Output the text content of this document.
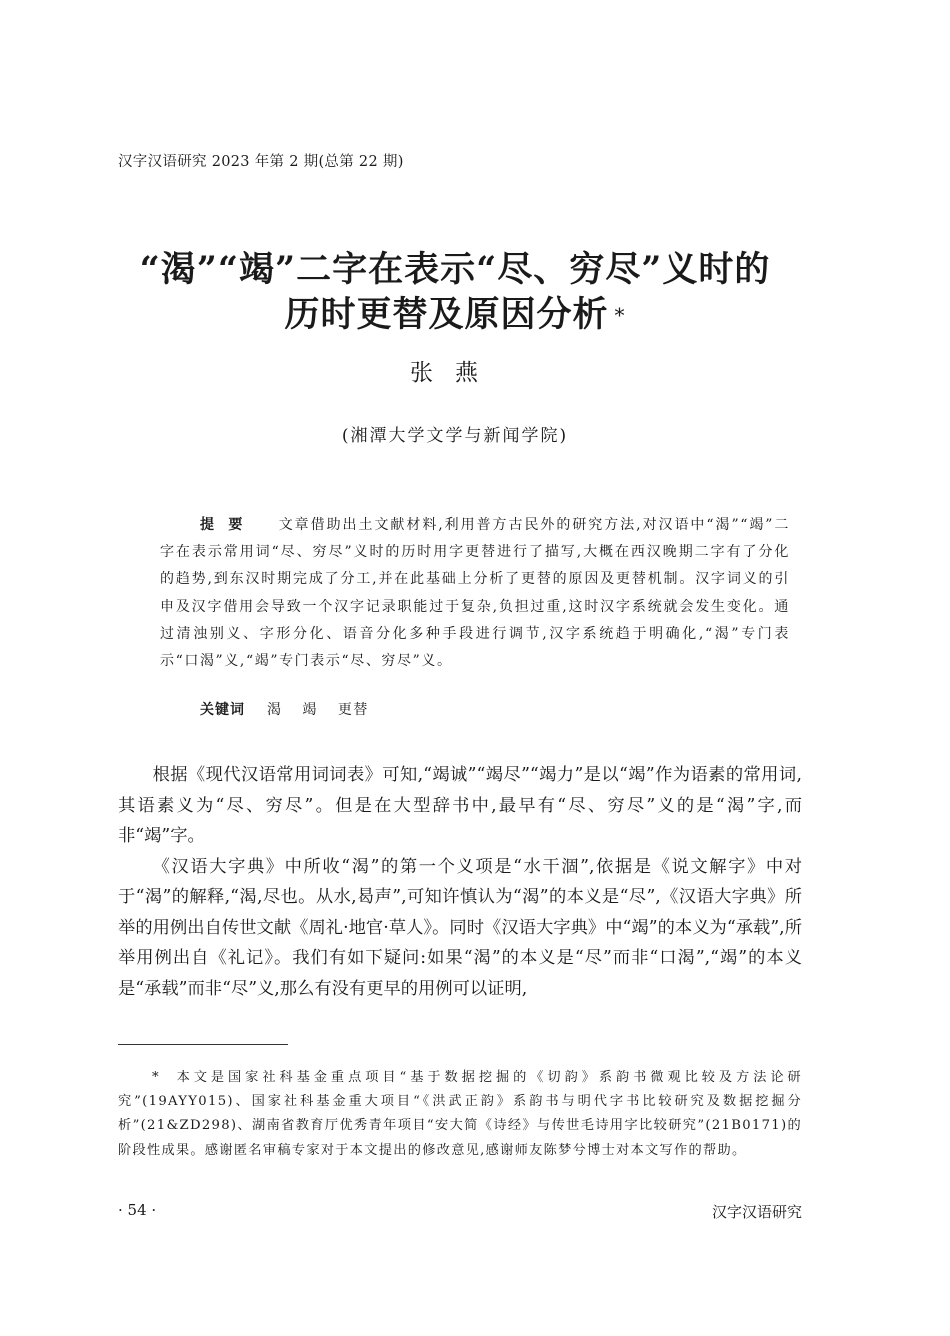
汉字汉语研究 2023 年第 2 期(总第 22 期)
“渴”“竭”二字在表示“尽、穷尽”义时的
历时更替及原因分析 *
张燕
(湘潭大学文学与新闻学院)
提要 文章借助出土文献材料,利用普方古民外的研究方法,对汉语中“渴”“竭”二字在表示常用词“尽、穷尽”义时的历时用字更替进行了描写,大概在西汉晚期二字有了分化的趋势,到东汉时期完成了分工,并在此基础上分析了更替的原因及更替机制。汉字词义的引申及汉字借用会导致一个汉字记录职能过于复杂,负担过重,这时汉字系统就会发生变化。通过清浊别义、字形分化、语音分化多种手段进行调节,汉字系统趋于明确化,“渴”专门表示“口渴”义,“竭”专门表示“尽、穷尽”义。
关键词 渴 竭 更替

根据《现代汉语常用词词表》可知,“竭诚”“竭尽”“竭力”是以“竭”作为语素的常用词,其语素义为“尽、穷尽”。但是在大型辞书中,最早有“尽、穷尽”义的是“渴”字,而非“竭”字。

《汉语大字典》中所收“渴”的第一个义项是“水干涸”,依据是《说文解字》中对于“渴”的解释,“渴,尽也。从水,曷声”,可知许慎认为“渴”的本义是“尽”,《汉语大字典》所举的用例出自传世文献《周礼·地官·草人》。同时《汉语大字典》中“竭”的本义为“承载”,所举用例出自《礼记》。我们有如下疑问:如果“渴”的本义是“尽”而非“口渴”,“竭”的本义是“承载”而非“尽”义,那么有没有更早的用例可以证明,

* 本文是国家社科基金重点项目“基于数据挖掘的《切韵》系韵书微观比较及方法论研究”(19AYY015)、国家社科基金重大项目“《洪武正韵》系韵书与明代字书比较研究及数据挖掘分析”(21&ZD298)、湖南省教育厅优秀青年项目“安大简《诗经》与传世毛诗用字比较研究”(21B0171)的阶段性成果。感谢匿名审稿专家对于本文提出的修改意见,感谢师友陈梦兮博士对本文写作的帮助。
· 54 ·	汉字汉语研究
